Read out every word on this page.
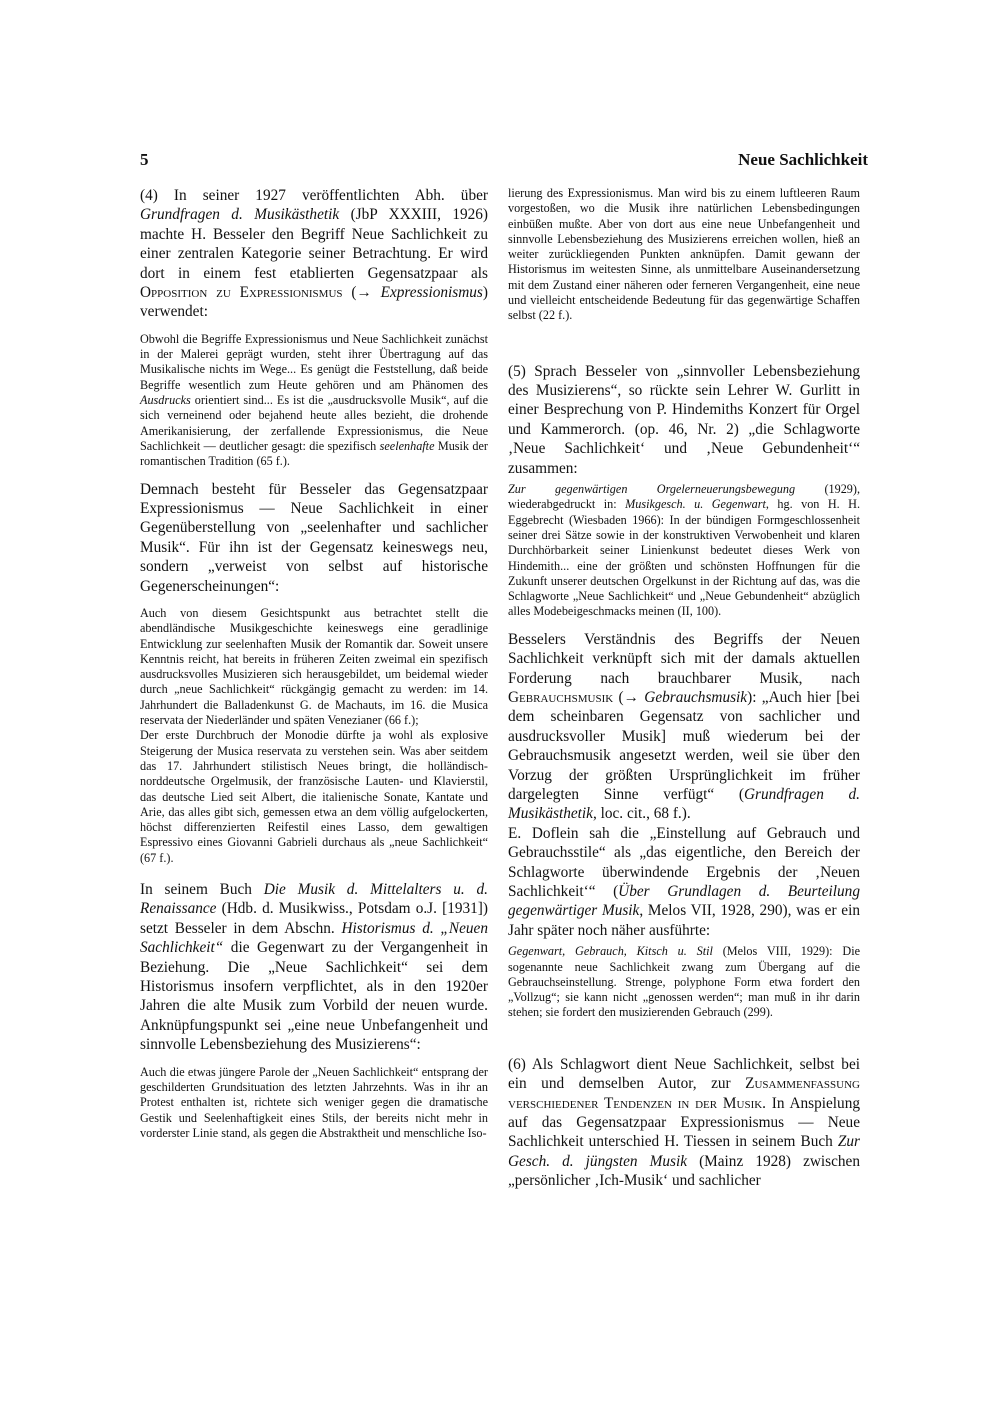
5	Neue Sachlichkeit

(4) In seiner 1927 veröffentlichten Abh. über Grundfragen d. Musikästhetik (JbP XXXIII, 1926) machte H. Besseler den Begriff Neue Sachlichkeit zu einer zentralen Kategorie seiner Betrachtung. Er wird dort in einem fest etablierten Gegensatzpaar als Opposition zu Expressionismus (→ Expressionismus) verwendet:

Obwohl die Begriffe Expressionismus und Neue Sachlichkeit zunächst in der Malerei geprägt wurden, steht ihrer Übertragung auf das Musikalische nichts im Wege... Es genügt die Feststellung, daß beide Begriffe wesentlich zum Heute gehören und am Phänomen des Ausdrucks orientiert sind... Es ist die „ausdrucksvolle Musik“, auf die sich verneinend oder bejahend heute alles bezieht, die drohende Amerikanisierung, der zerfallende Expressionismus, die Neue Sachlichkeit — deutlicher gesagt: die spezifisch seelenhafte Musik der romantischen Tradition (65 f.).

Demnach besteht für Besseler das Gegensatzpaar Expressionismus — Neue Sachlichkeit in einer Gegenüberstellung von „seelenhafter und sachlicher Musik“. Für ihn ist der Gegensatz keineswegs neu, sondern „verweist von selbst auf historische Gegenerscheinungen“:

Auch von diesem Gesichtspunkt aus betrachtet stellt die abendländische Musikgeschichte keineswegs eine geradlinige Entwicklung zur seelenhaften Musik der Romantik dar. Soweit unsere Kenntnis reicht, hat bereits in früheren Zeiten zweimal ein spezifisch ausdrucksvolles Musizieren sich herausgebildet, um beidemal wieder durch „neue Sachlichkeit“ rückgängig gemacht zu werden: im 14. Jahrhundert die Balladenkunst G. de Machauts, im 16. die Musica reservata der Niederländer und späten Venezianer (66 f.);

Der erste Durchbruch der Monodie dürfte ja wohl als explosive Steigerung der Musica reservata zu verstehen sein. Was aber seitdem das 17. Jahrhundert stilistisch Neues bringt, die holländisch-norddeutsche Orgelmusik, der französische Lauten- und Klavierstil, das deutsche Lied seit Albert, die italienische Sonate, Kantate und Arie, das alles gibt sich, gemessen etwa an dem völlig aufgelockerten, höchst differenzierten Reifestil eines Lasso, dem gewaltigen Espressivo eines Giovanni Gabrieli durchaus als „neue Sachlichkeit“ (67 f.).

In seinem Buch Die Musik d. Mittelalters u. d. Renaissance (Hdb. d. Musikwiss., Potsdam o.J. [1931]) setzt Besseler in dem Abschn. Historismus d. „Neuen Sachlichkeit“ die Gegenwart zu der Vergangenheit in Beziehung. Die „Neue Sachlichkeit“ sei dem Historismus insofern verpflichtet, als in den 1920er Jahren die alte Musik zum Vorbild der neuen wurde. Anknüpfungspunkt sei „eine neue Unbefangenheit und sinnvolle Lebensbeziehung des Musizierens“:

Auch die etwas jüngere Parole der „Neuen Sachlichkeit“ entsprang der geschilderten Grundsituation des letzten Jahrzehnts. Was in ihr an Protest enthalten ist, richtete sich weniger gegen die dramatische Gestik und Seelenhaftigkeit eines Stils, der bereits nicht mehr in vorderster Linie stand, als gegen die Abstraktheit und menschliche Iso-

lierung des Expressionismus. Man wird bis zu einem luftleeren Raum vorgestoßen, wo die Musik ihre natürlichen Lebensbedingungen einbüßen mußte. Aber von dort aus eine neue Unbefangenheit und sinnvolle Lebensbeziehung des Musizierens erreichen wollen, hieß an weiter zurückliegenden Punkten anknüpfen. Damit gewann der Historismus im weitesten Sinne, als unmittelbare Auseinandersetzung mit dem Zustand einer näheren oder ferneren Vergangenheit, eine neue und vielleicht entscheidende Bedeutung für das gegenwärtige Schaffen selbst (22 f.).

(5) Sprach Besseler von „sinnvoller Lebensbeziehung des Musizierens“, so rückte sein Lehrer W. Gurlitt in einer Besprechung von P. Hindemiths Konzert für Orgel und Kammerorch. (op. 46, Nr. 2) „die Schlagworte ‚Neue Sachlichkeit‘ und ‚Neue Gebundenheit‘“ zusammen:

Zur gegenwärtigen Orgelerneuerungsbewegung (1929), wiederabgedruckt in: Musikgesch. u. Gegenwart, hg. von H. H. Eggebrecht (Wiesbaden 1966): In der bündigen Formgeschlossenheit seiner drei Sätze sowie in der konstruktiven Verwobenheit und klaren Durchhörbarkeit seiner Linienkunst bedeutet dieses Werk von Hindemith... eine der größten und schönsten Hoffnungen für die Zukunft unserer deutschen Orgelkunst in der Richtung auf das, was die Schlagworte „Neue Sachlichkeit“ und „Neue Gebundenheit“ abzüglich alles Modebeigeschmacks meinen (II, 100).

Besselers Verständnis des Begriffs der Neuen Sachlichkeit verknüpft sich mit der damals aktuellen Forderung nach brauchbarer Musik, nach Gebrauchsmusik (→ Gebrauchsmusik): „Auch hier [bei dem scheinbaren Gegensatz von sachlicher und ausdrucksvoller Musik] muß wiederum bei der Gebrauchsmusik angesetzt werden, weil sie über den Vorzug der größten Ursprünglichkeit im früher dargelegten Sinne verfügt“ (Grundfragen d. Musikästhetik, loc. cit., 68 f.).

E. Doflein sah die „Einstellung auf Gebrauch und Gebrauchsstile“ als „das eigentliche, den Bereich der Schlagworte überwindende Ergebnis der ‚Neuen Sachlichkeit‘“ (Über Grundlagen d. Beurteilung gegenwärtiger Musik, Melos VII, 1928, 290), was er ein Jahr später noch näher ausführte:

Gegenwart, Gebrauch, Kitsch u. Stil (Melos VIII, 1929): Die sogenannte neue Sachlichkeit zwang zum Übergang auf die Gebrauchseinstellung. Strenge, polyphone Form etwa fordert den „Vollzug“; sie kann nicht „genossen werden“; man muß in ihr darin stehen; sie fordert den musizierenden Gebrauch (299).

(6) Als Schlagwort dient Neue Sachlichkeit, selbst bei ein und demselben Autor, zur Zusammenfassung verschiedener Tendenzen in der Musik. In Anspielung auf das Gegensatzpaar Expressionismus — Neue Sachlichkeit unterschied H. Tiessen in seinem Buch Zur Gesch. d. jüngsten Musik (Mainz 1928) zwischen „persönlicher ‚Ich-Musik‘ und sachlicher
